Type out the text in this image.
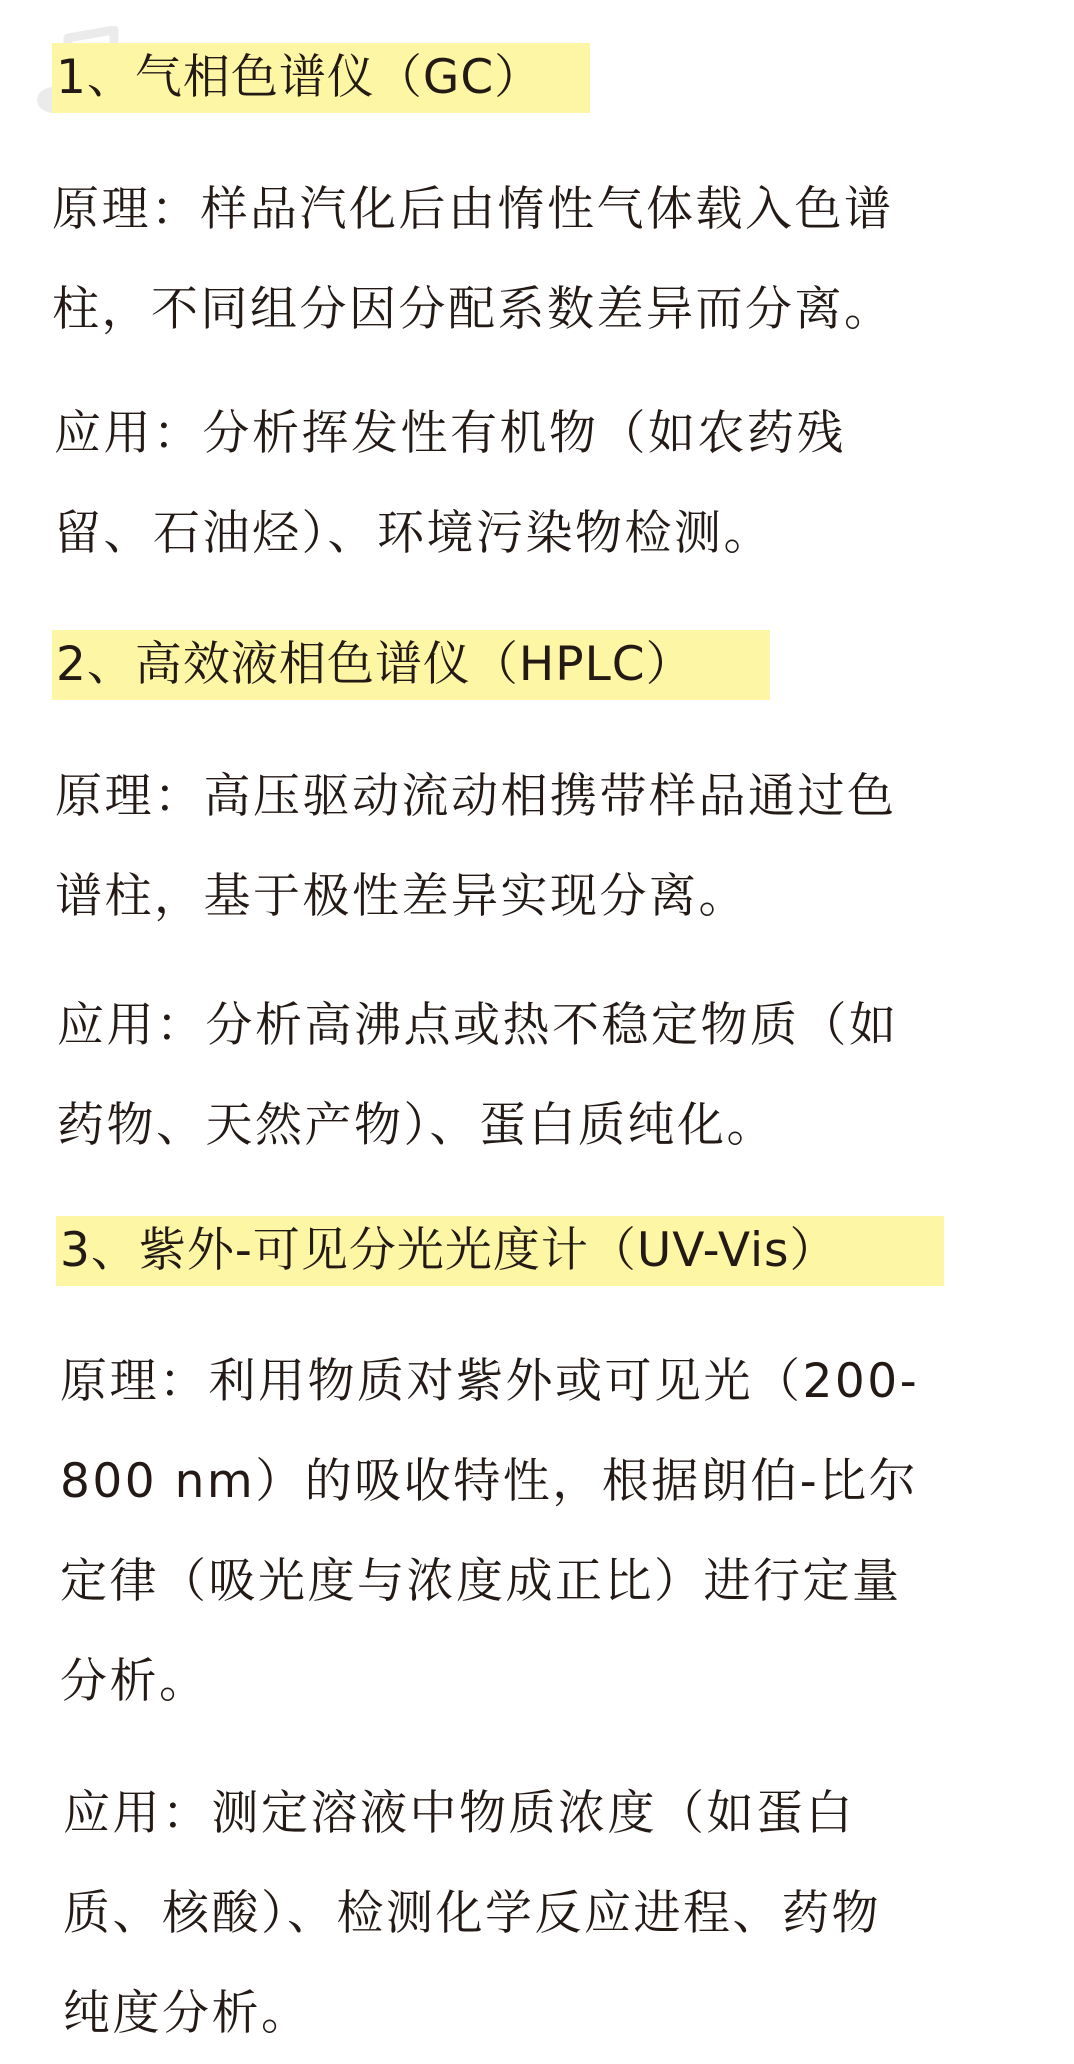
1、气相色谱仪（GC）

原理：样品汽化后由惰性气体载入色谱
柱，不同组分因分配系数差异而分离。

应用：分析挥发性有机物（如农药残
留、石油烃）、环境污染物检测。

2、高效液相色谱仪（HPLC）

原理：高压驱动流动相携带样品通过色
谱柱，基于极性差异实现分离。

应用：分析高沸点或热不稳定物质（如
药物、天然产物）、蛋白质纯化。

3、紫外-可见分光光度计（UV-Vis）

原理：利用物质对紫外或可见光（200-
800 nm）的吸收特性，根据朗伯-比尔
定律（吸光度与浓度成正比）进行定量
分析。

应用：测定溶液中物质浓度（如蛋白
质、核酸）、检测化学反应进程、药物
纯度分析。
